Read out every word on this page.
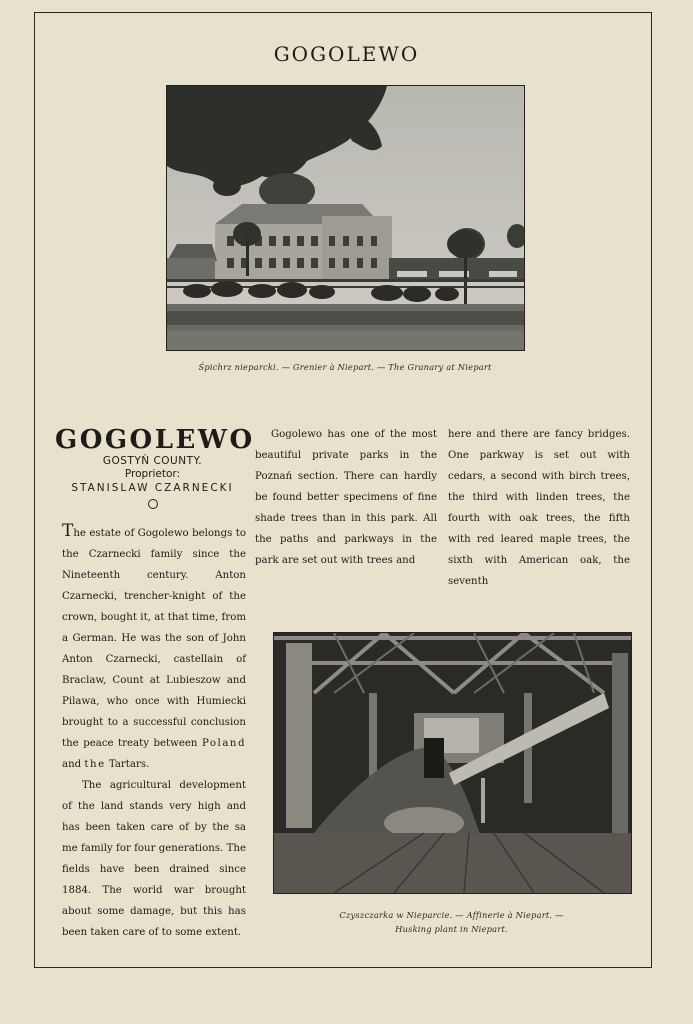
GOGOLEWO
Śpichrz nieparcki. — Grenier à Niepart. — The Granary at Niepart
GOGOLEWO
GOSTYŃ COUNTY.
Proprietor:
STANISLAW CZARNECKI

The estate of Gogolewo belongs to the Czarnecki family since the Nineteenth century. Anton Czarnecki, trencher-knight of the crown, bought it, at that time, from a German. He was the son of John Anton Czarnecki, castellain of Braclaw, Count at Lubieszow and Pilawa, who once with Humiecki brought to a successful conclusion the peace treaty between Poland and the Tartars.

The agricultural development of the land stands very high and has been taken care of by the sa me family for four generations. The fields have been drained since 1884. The world war brought about some damage, but this has been taken care of to some extent.

Gogolewo has one of the most beautiful private parks in the Poznań section. There can hardly be found better specimens of fine shade trees than in this park. All the paths and parkways in the park are set out with trees and

here and there are fancy bridges. One parkway is set out with cedars, a second with birch trees, the third with linden trees, the fourth with oak trees, the fifth with red leared maple trees, the sixth with American oak, the seventh

Czyszczarka w Nieparcie. — Affinerie à Niepart. —
Husking plant in Niepart.
